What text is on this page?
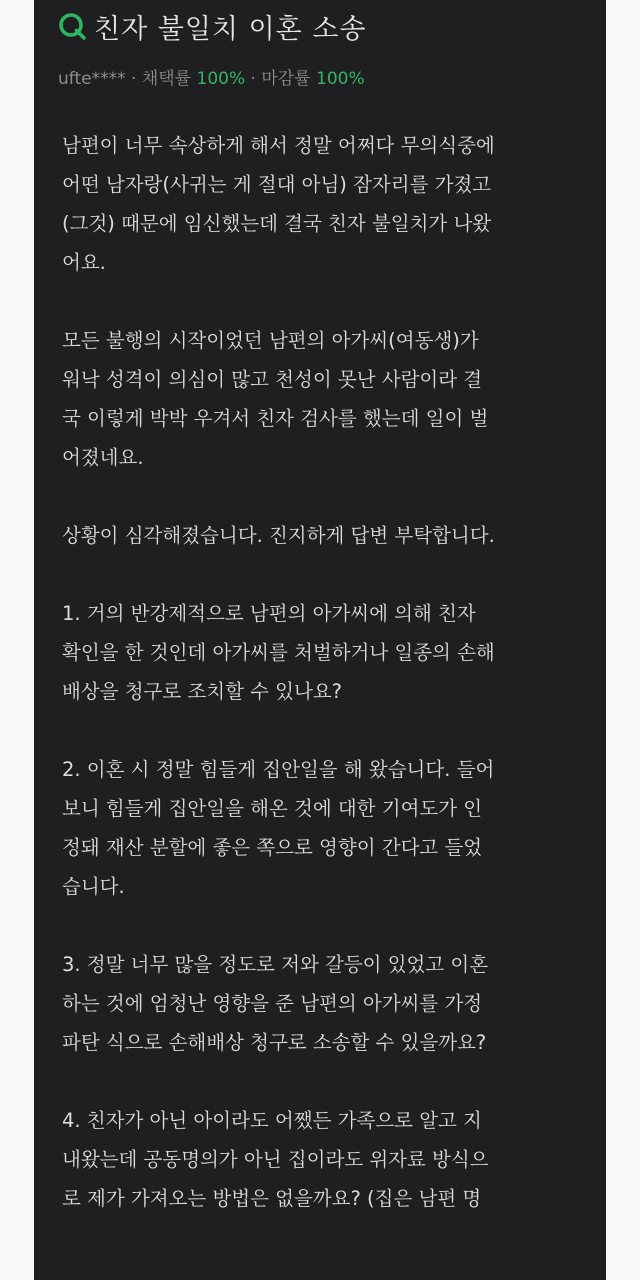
친자 불일치 이혼 소송
ufte**** · 채택률 100% · 마감률 100%

남편이 너무 속상하게 해서 정말 어쩌다 무의식중에
어떤 남자랑(사귀는 게 절대 아님) 잠자리를 가졌고
(그것) 때문에 임신했는데 결국 친자 불일치가 나왔
어요.

모든 불행의 시작이었던 남편의 아가씨(여동생)가
워낙 성격이 의심이 많고 천성이 못난 사람이라 결
국 이렇게 박박 우겨서 친자 검사를 했는데 일이 벌
어졌네요.

상황이 심각해졌습니다. 진지하게 답변 부탁합니다.

1. 거의 반강제적으로 남편의 아가씨에 의해 친자
확인을 한 것인데 아가씨를 처벌하거나 일종의 손해
배상을 청구로 조치할 수 있나요?

2. 이혼 시 정말 힘들게 집안일을 해 왔습니다. 들어
보니 힘들게 집안일을 해온 것에 대한 기여도가 인
정돼 재산 분할에 좋은 쪽으로 영향이 간다고 들었
습니다.

3. 정말 너무 많을 정도로 저와 갈등이 있었고 이혼
하는 것에 엄청난 영향을 준 남편의 아가씨를 가정
파탄 식으로 손해배상 청구로 소송할 수 있을까요?

4. 친자가 아닌 아이라도 어쨌든 가족으로 알고 지
내왔는데 공동명의가 아닌 집이라도 위자료 방식으
로 제가 가져오는 방법은 없을까요? (집은 남편 명
